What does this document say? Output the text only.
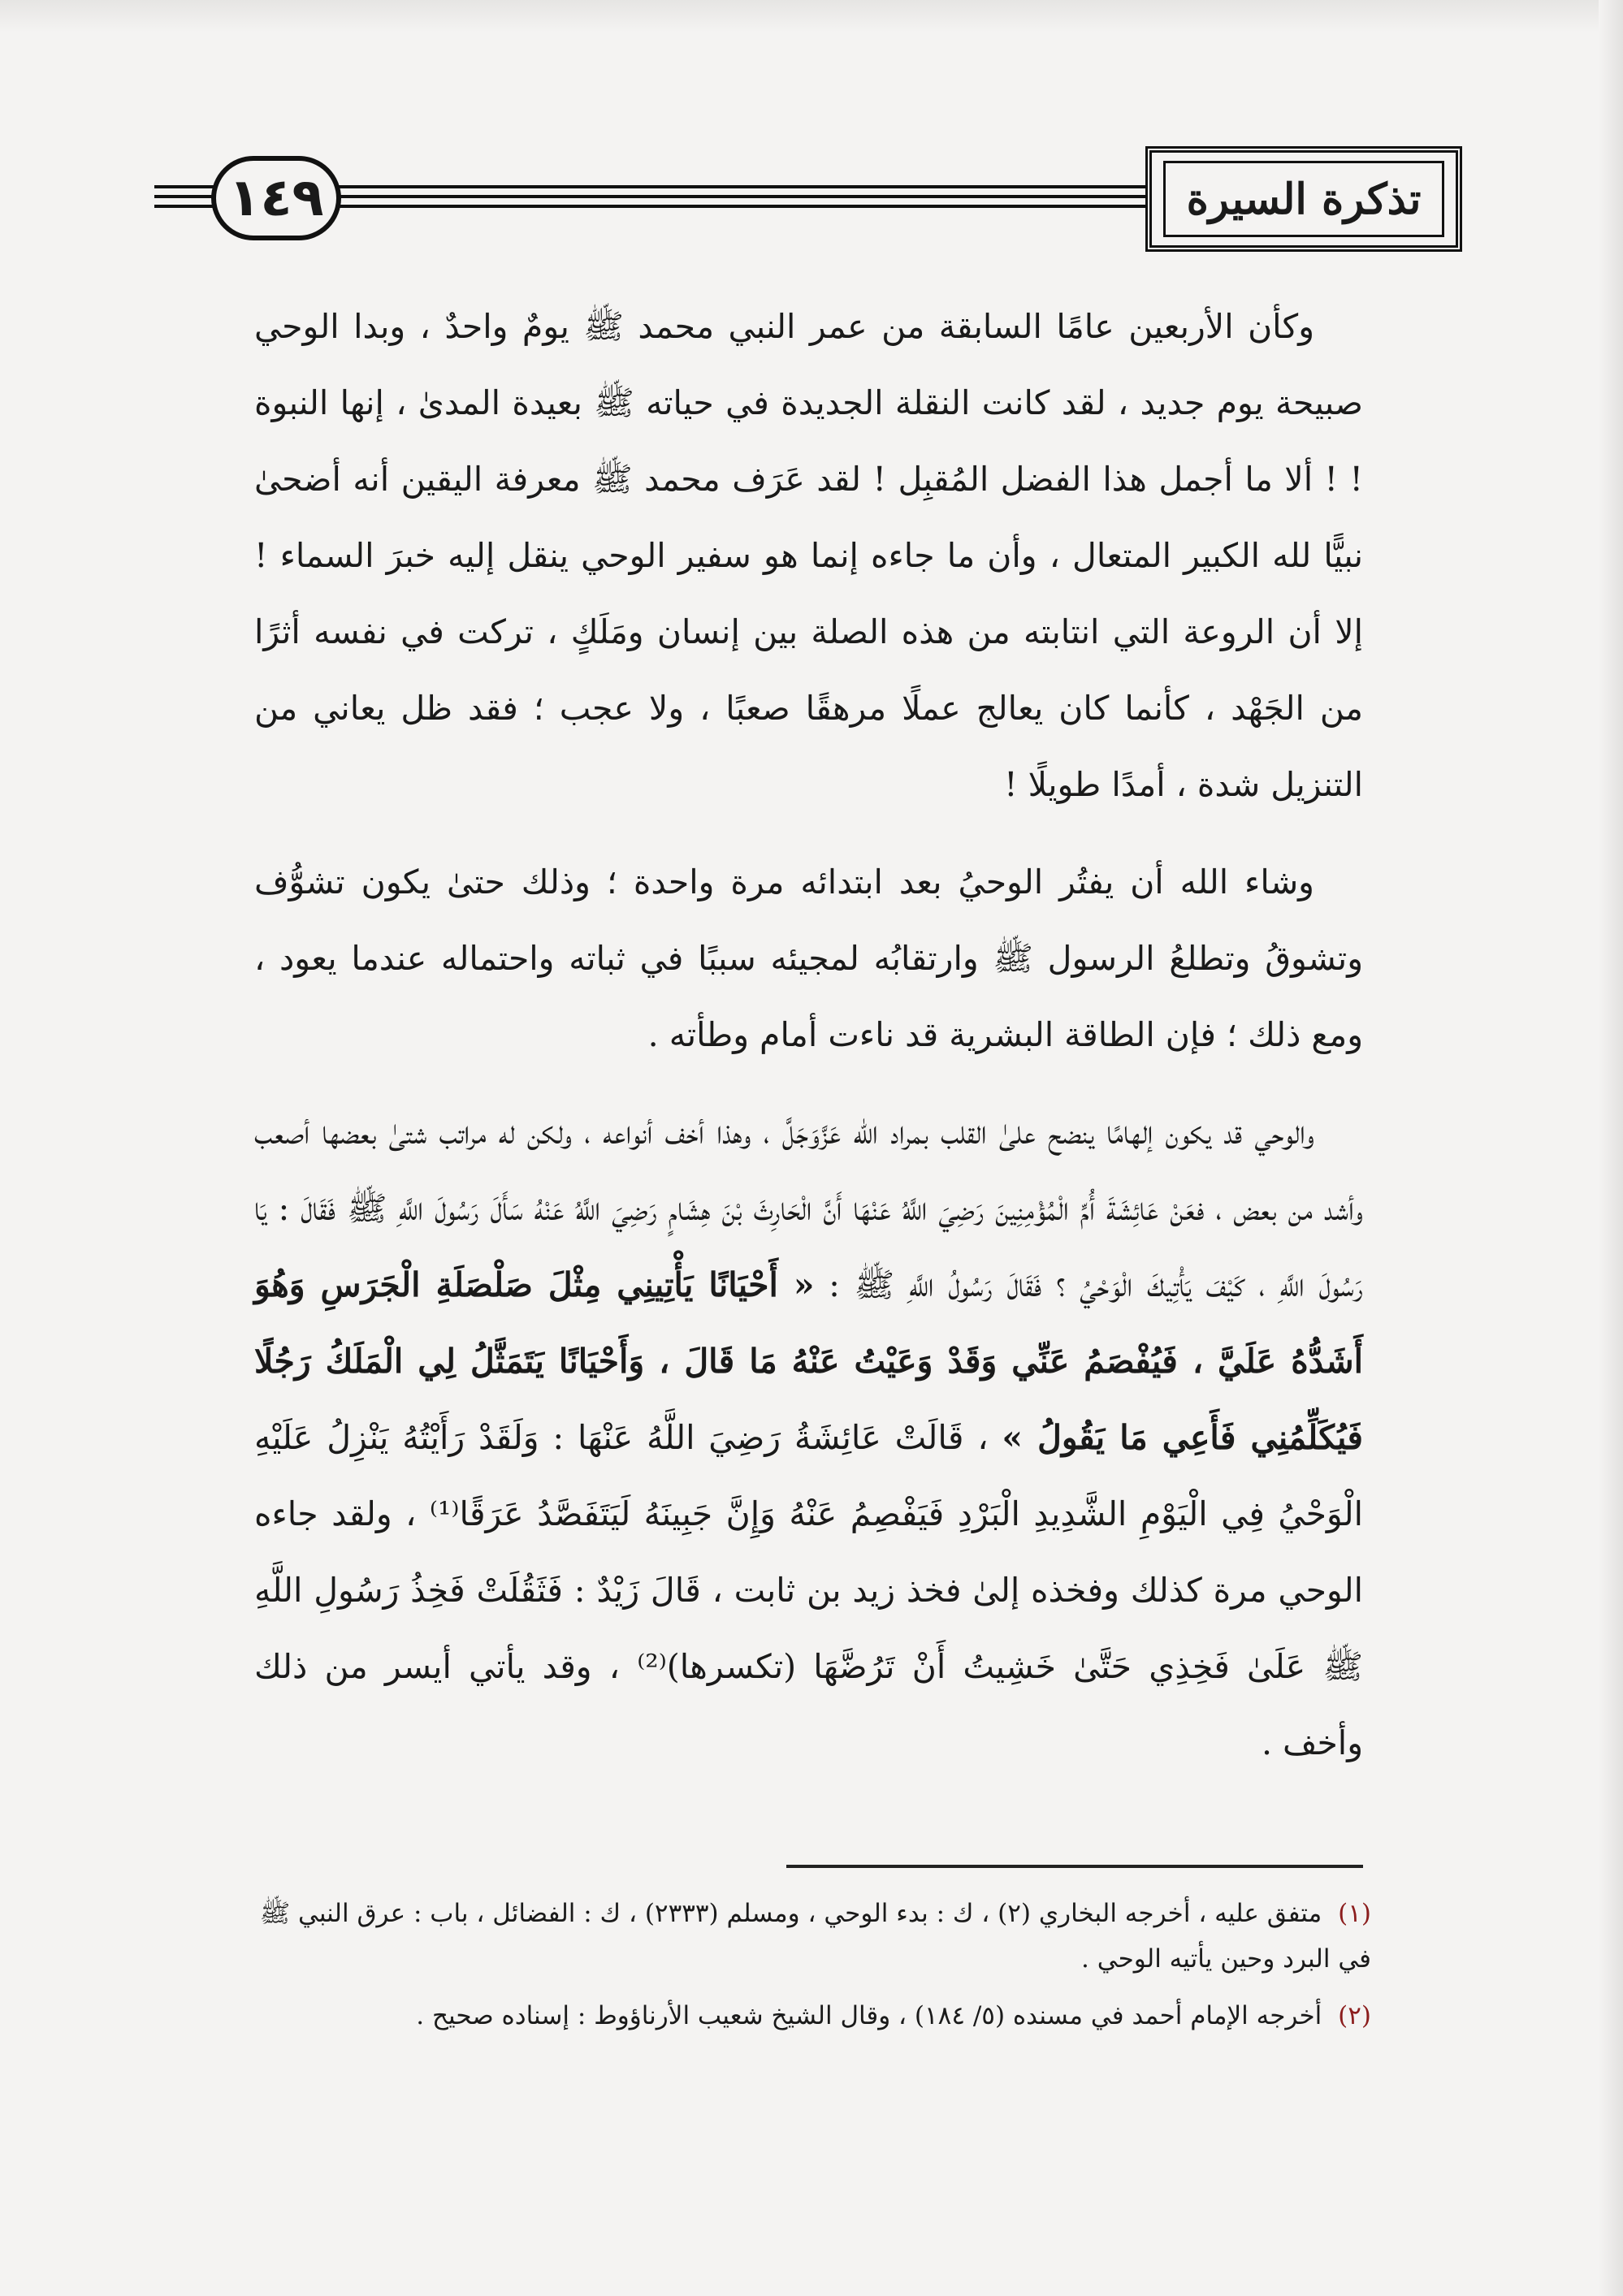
١٤٩	تذكرة السيرة

وكأن الأربعين عامًا السابقة من عمر النبي محمد ﷺ يومٌ واحدٌ ، وبدا الوحي صبيحة يوم جديد ، لقد كانت النقلة الجديدة في حياته ﷺ بعيدة المدىٰ ، إنها النبوة ! ! ألا ما أجمل هذا الفضل المُقبِل ! لقد عَرَف محمد ﷺ معرفة اليقين أنه أضحىٰ نبيًّا لله الكبير المتعال ، وأن ما جاءه إنما هو سفير الوحي ينقل إليه خبرَ السماء ! إلا أن الروعة التي انتابته من هذه الصلة بين إنسان ومَلَكٍ ، تركت في نفسه أثرًا من الجَهْد ، كأنما كان يعالج عملًا مرهقًا صعبًا ، ولا عجب ؛ فقد ظل يعاني من التنزيل شدة ، أمدًا طويلًا !

وشاء الله أن يفتُر الوحيُ بعد ابتدائه مرة واحدة ؛ وذلك حتىٰ يكون تشوُّف وتشوقُ وتطلعُ الرسول ﷺ وارتقابُه لمجيئه سببًا في ثباته واحتماله عندما يعود ، ومع ذلك ؛ فإن الطاقة البشرية قد ناءت أمام وطأته .

والوحي قد يكون إلهامًا ينضح علىٰ القلب بمراد الله عَزَّوَجَلَّ ، وهذا أخف أنواعه ، ولكن له مراتب شتىٰ بعضها أصعب وأشد من بعض ، فعَنْ عَائِشَةَ أُمِّ الْمُؤْمِنِينَ رَضِيَ اللَّهُ عَنْهَا أَنَّ الْحَارِثَ بْنَ هِشَامٍ رَضِيَ اللَّهُ عَنْهُ سَأَلَ رَسُولَ اللَّهِ ﷺ فَقَالَ : يَا رَسُولَ اللَّهِ ، كَيْفَ يَأْتِيكَ الْوَحْيُ ؟ فَقَالَ رَسُولُ اللَّهِ ﷺ : « أَحْيَانًا يَأْتِينِي مِثْلَ صَلْصَلَةِ الْجَرَسِ وَهُوَ أَشَدُّهُ عَلَيَّ ، فَيُفْصَمُ عَنِّي وَقَدْ وَعَيْتُ عَنْهُ مَا قَالَ ، وَأَحْيَانًا يَتَمَثَّلُ لِي الْمَلَكُ رَجُلًا فَيُكَلِّمُنِي فَأَعِي مَا يَقُولُ » ، قَالَتْ عَائِشَةُ رَضِيَ اللَّهُ عَنْهَا : وَلَقَدْ رَأَيْتُهُ يَنْزِلُ عَلَيْهِ الْوَحْيُ فِي الْيَوْمِ الشَّدِيدِ الْبَرْدِ فَيَفْصِمُ عَنْهُ وَإِنَّ جَبِينَهُ لَيَتَفَصَّدُ عَرَقًا⁽¹⁾ ، ولقد جاءه الوحي مرة كذلك وفخذه إلىٰ فخذ زيد بن ثابت ، قَالَ زَيْدٌ : فَثَقُلَتْ فَخِذُ رَسُولِ اللَّهِ ﷺ عَلَىٰ فَخِذِي حَتَّىٰ خَشِيتُ أَنْ تَرُضَّهَا (تكسرها)⁽²⁾ ، وقد يأتي أيسر من ذلك وأخف .

(١) متفق عليه ، أخرجه البخاري (٢) ، ك : بدء الوحي ، ومسلم (٢٣٣٣) ، ك : الفضائل ، باب : عرق النبي ﷺ في البرد وحين يأتيه الوحي .

(٢) أخرجه الإمام أحمد في مسنده (٥/ ١٨٤) ، وقال الشيخ شعيب الأرناؤوط : إسناده صحيح .
